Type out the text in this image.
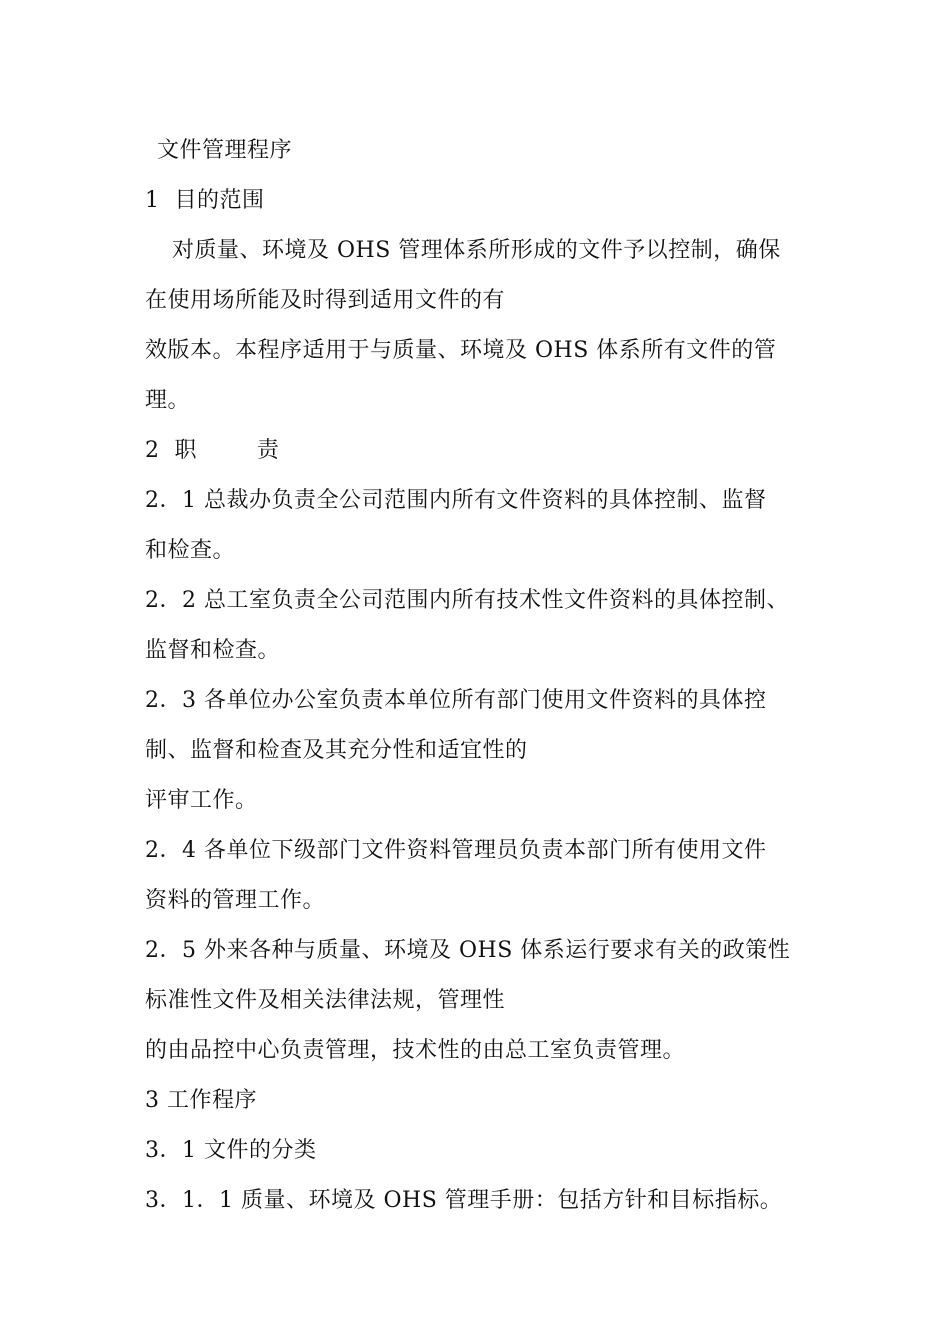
文件管理程序
1  目的范围
对质量、环境及 OHS 管理体系所形成的文件予以控制，确保
在使用场所能及时得到适用文件的有
效版本。本程序适用于与质量、环境及 OHS 体系所有文件的管
理。
2  职        责
2．1 总裁办负责全公司范围内所有文件资料的具体控制、监督
和检查。
2．2 总工室负责全公司范围内所有技术性文件资料的具体控制、
监督和检查。
2．3 各单位办公室负责本单位所有部门使用文件资料的具体控
制、监督和检查及其充分性和适宜性的
评审工作。
2．4 各单位下级部门文件资料管理员负责本部门所有使用文件
资料的管理工作。
2．5 外来各种与质量、环境及 OHS 体系运行要求有关的政策性
标准性文件及相关法律法规，管理性
的由品控中心负责管理，技术性的由总工室负责管理。
3 工作程序
3．1 文件的分类
3．1．1 质量、环境及 OHS 管理手册：包括方针和目标指标。
